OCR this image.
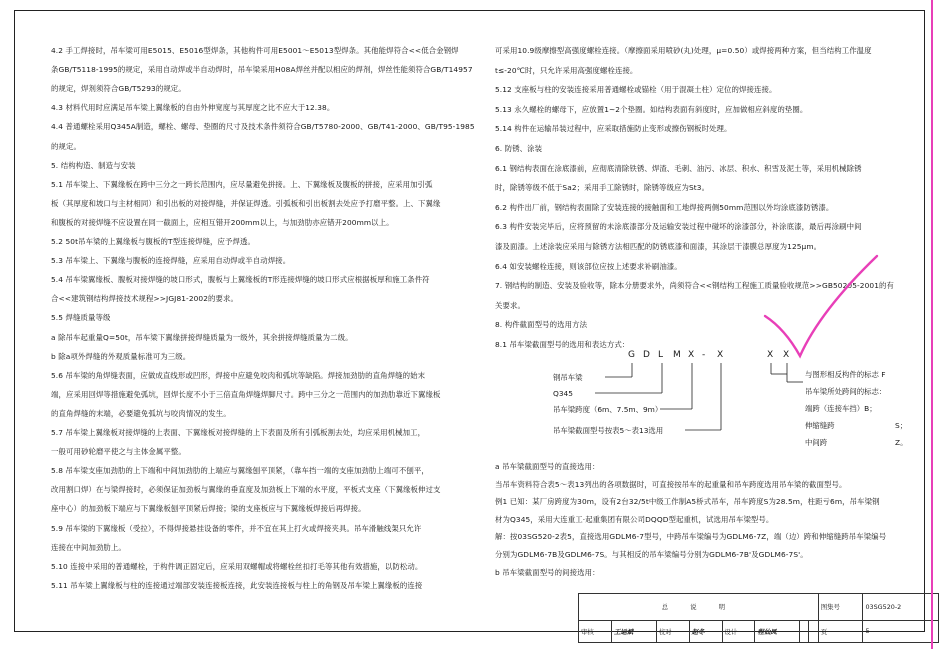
4.2 手工焊接时，吊车梁可用E5015、E5016型焊条，其他构件可用E5001～E5013型焊条。其他能焊符合<<低合金钢焊
条GB/T5118-1995的规定，采用自动焊或半自动焊时，吊车梁采用H08A焊丝并配以相应的焊剂，焊丝性能须符合GB/T14957
的规定，焊剂须符合GB/T5293的规定。
4.3 材料代用时应满足吊车梁上翼缘板的自由外伸宽度与其厚度之比不应大于12.38。
4.4 普通螺栓采用Q345A制造，螺栓、螺母、垫圈的尺寸及技术条件须符合GB/T5780-2000、GB/T41-2000、GB/T95-1985
的规定。
5. 结构构造、制造与安装
5.1 吊车梁上、下翼缘板在跨中三分之一跨长范围内，应尽量避免拼接。上、下翼缘板及腹板的拼接，应采用加引弧
板（其厚度和坡口与主材相同）和引出板的对接焊缝，并保证焊透。引弧板和引出板割去处应予打磨平整。上、下翼缘
和腹板的对接焊缝不应设置在同一截面上，应相互错开200mm以上，与加劲肋亦应错开200mm以上。
5.2 50t吊车梁的上翼缘板与腹板的T型连接焊缝，应予焊透。
5.3 吊车梁上、下翼缘与腹板的连接焊缝，应采用自动焊或半自动焊接。
5.4 吊车梁翼缘板、腹板对接焊缝的坡口形式，腹板与上翼缘板的T形连接焊缝的坡口形式应根据板厚和施工条件符
合<<建筑钢结构焊接技术规程>>JGJ81-2002的要求。
5.5 焊缝质量等级
a 除吊车起重量Q=50t，吊车梁下翼缘拼接焊缝质量为一级外，其余拼接焊缝质量为二级。
b 除a项外焊缝的外观质量标准可为三级。
5.6 吊车梁的角焊缝表面，应做成直线形或凹形，焊接中应避免咬肉和弧坑等缺陷。焊接加劲肋的直角焊缝的始末
端，应采用回焊等措施避免弧坑，回焊长度不小于三倍直角焊缝焊脚尺寸。跨中三分之一范围内的加劲肋靠近下翼缘板
的直角焊缝的末端，必要避免弧坑与咬肉情况的发生。
5.7 吊车梁上翼缘板对接焊缝的上表面、下翼缘板对接焊缝的上下表面及所有引弧板割去处，均应采用机械加工，
一般可用砂轮磨平使之与主体金属平整。
5.8 吊车梁支座加劲肋的上下端和中间加劲肋的上端应与翼缘刨平顶紧，（靠车挡一端的支座加劲肋上端可不刨平，
改用割口焊）在与梁焊接时，必须保证加劲板与翼缘的垂直度及加劲板上下端的水平度，平板式支座（下翼缘板伸过支
座中心）的加劲板下端应与下翼缘板刨平顶紧后焊接；梁的支座板应与下翼缘板焊接后再焊接。
5.9 吊车梁的下翼缘板（受拉），不得焊接悬挂设备的零件，并不宜在其上打火或焊接夹具。吊车滑触线架只允许
连接在中间加劲肋上。
5.10 连接中采用的普通螺栓，于构件调正固定后，应采用双螺帽或将螺栓丝扣打毛等其他有效措施，以防松动。
5.11 吊车梁上翼缘板与柱的连接通过端部安装连接板连接，此安装连接板与柱上的角钢及吊车梁上翼缘板的连接
可采用10.9级摩擦型高强度螺栓连接。（摩擦面采用喷砂(丸)处理，μ=0.50）或焊接两种方案，但当结构工作温度
t≤-20℃时，只允许采用高强度螺栓连接。
5.12 支座板与柱的安装连接采用普通螺栓或锚栓（用于混凝土柱）定位的焊接连接。
5.13 永久螺栓的螺母下，应放置1~2个垫圈。如结构表面有斜度时，应加做相应斜度的垫圈。
5.14 构件在运输吊装过程中，应采取措施防止变形或擦伤钢板时处理。
6. 防锈、涂装
6.1 钢结构表面在涂底漆前，应彻底清除铁锈、焊渣、毛刺、油污、冰层、积水、积雪及泥土等，采用机械除锈
时，除锈等级不低于Sa2；采用手工除锈时，除锈等级应为St3。
6.2 构件出厂前，钢结构表面除了安装连接的接触面和工地焊接两侧50mm范围以外均涂底漆防锈漆。
6.3 构件安装完毕后，应将预留的未涂底漆部分及运输安装过程中碰坏的涂漆部分，补涂底漆，最后再涂刷中间
漆及面漆。上述涂装应采用与除锈方法相匹配的防锈底漆和面漆，其涂层干漆膜总厚度为125μm。
6.4 如安装螺栓连接，则该部位应按上述要求补刷油漆。
7. 钢结构的制造、安装及验收等，除本分册要求外，尚须符合<<钢结构工程施工质量验收规范>>GB50205-2001的有
关要求。
8. 构件截面型号的选用方法
8.1 吊车梁截面型号的选用和表达方式：
a 吊车梁截面型号的直接选用：
当吊车资料符合表5～表13列出的各项数据时，可直接按吊车的起重量和吊车跨度选用吊车梁的截面型号。
例1 已知：某厂房跨度为30m，设有2台32/5t中级工作制A5桥式吊车，吊车跨度S为28.5m，柱距亏6m，吊车梁钢
材为Q345，采用大连重工·起重集团有限公司DQQD型起重机，试选用吊车梁型号。
解：按03SG520-2表5，直接选用GDLM6-7型号，中跨吊车梁编号为GDLM6-7Z，端（边）跨和伸缩缝跨吊车梁编号
分别为GDLM6-7B及GDLM6-7S。与其相反的吊车梁编号分别为GDLM6-7B'及GDLM6-7S'。
b 吊车梁截面型号的间接选用：
G D L M X - X	X X
钢吊车梁
Q345
吊车梁跨度（6m、7.5m、9m）
吊车梁截面型号按表5～表13选用
与图形相反构件的标志 F
吊车梁所处跨间的标志：
端跨（连接车挡）B；
伸缩缝跨
中间跨
S；
Z。
总 说 明								图集号	03SG520-2
审核	王运斌	校对	赵冬	设计	程仙凤			页	5
